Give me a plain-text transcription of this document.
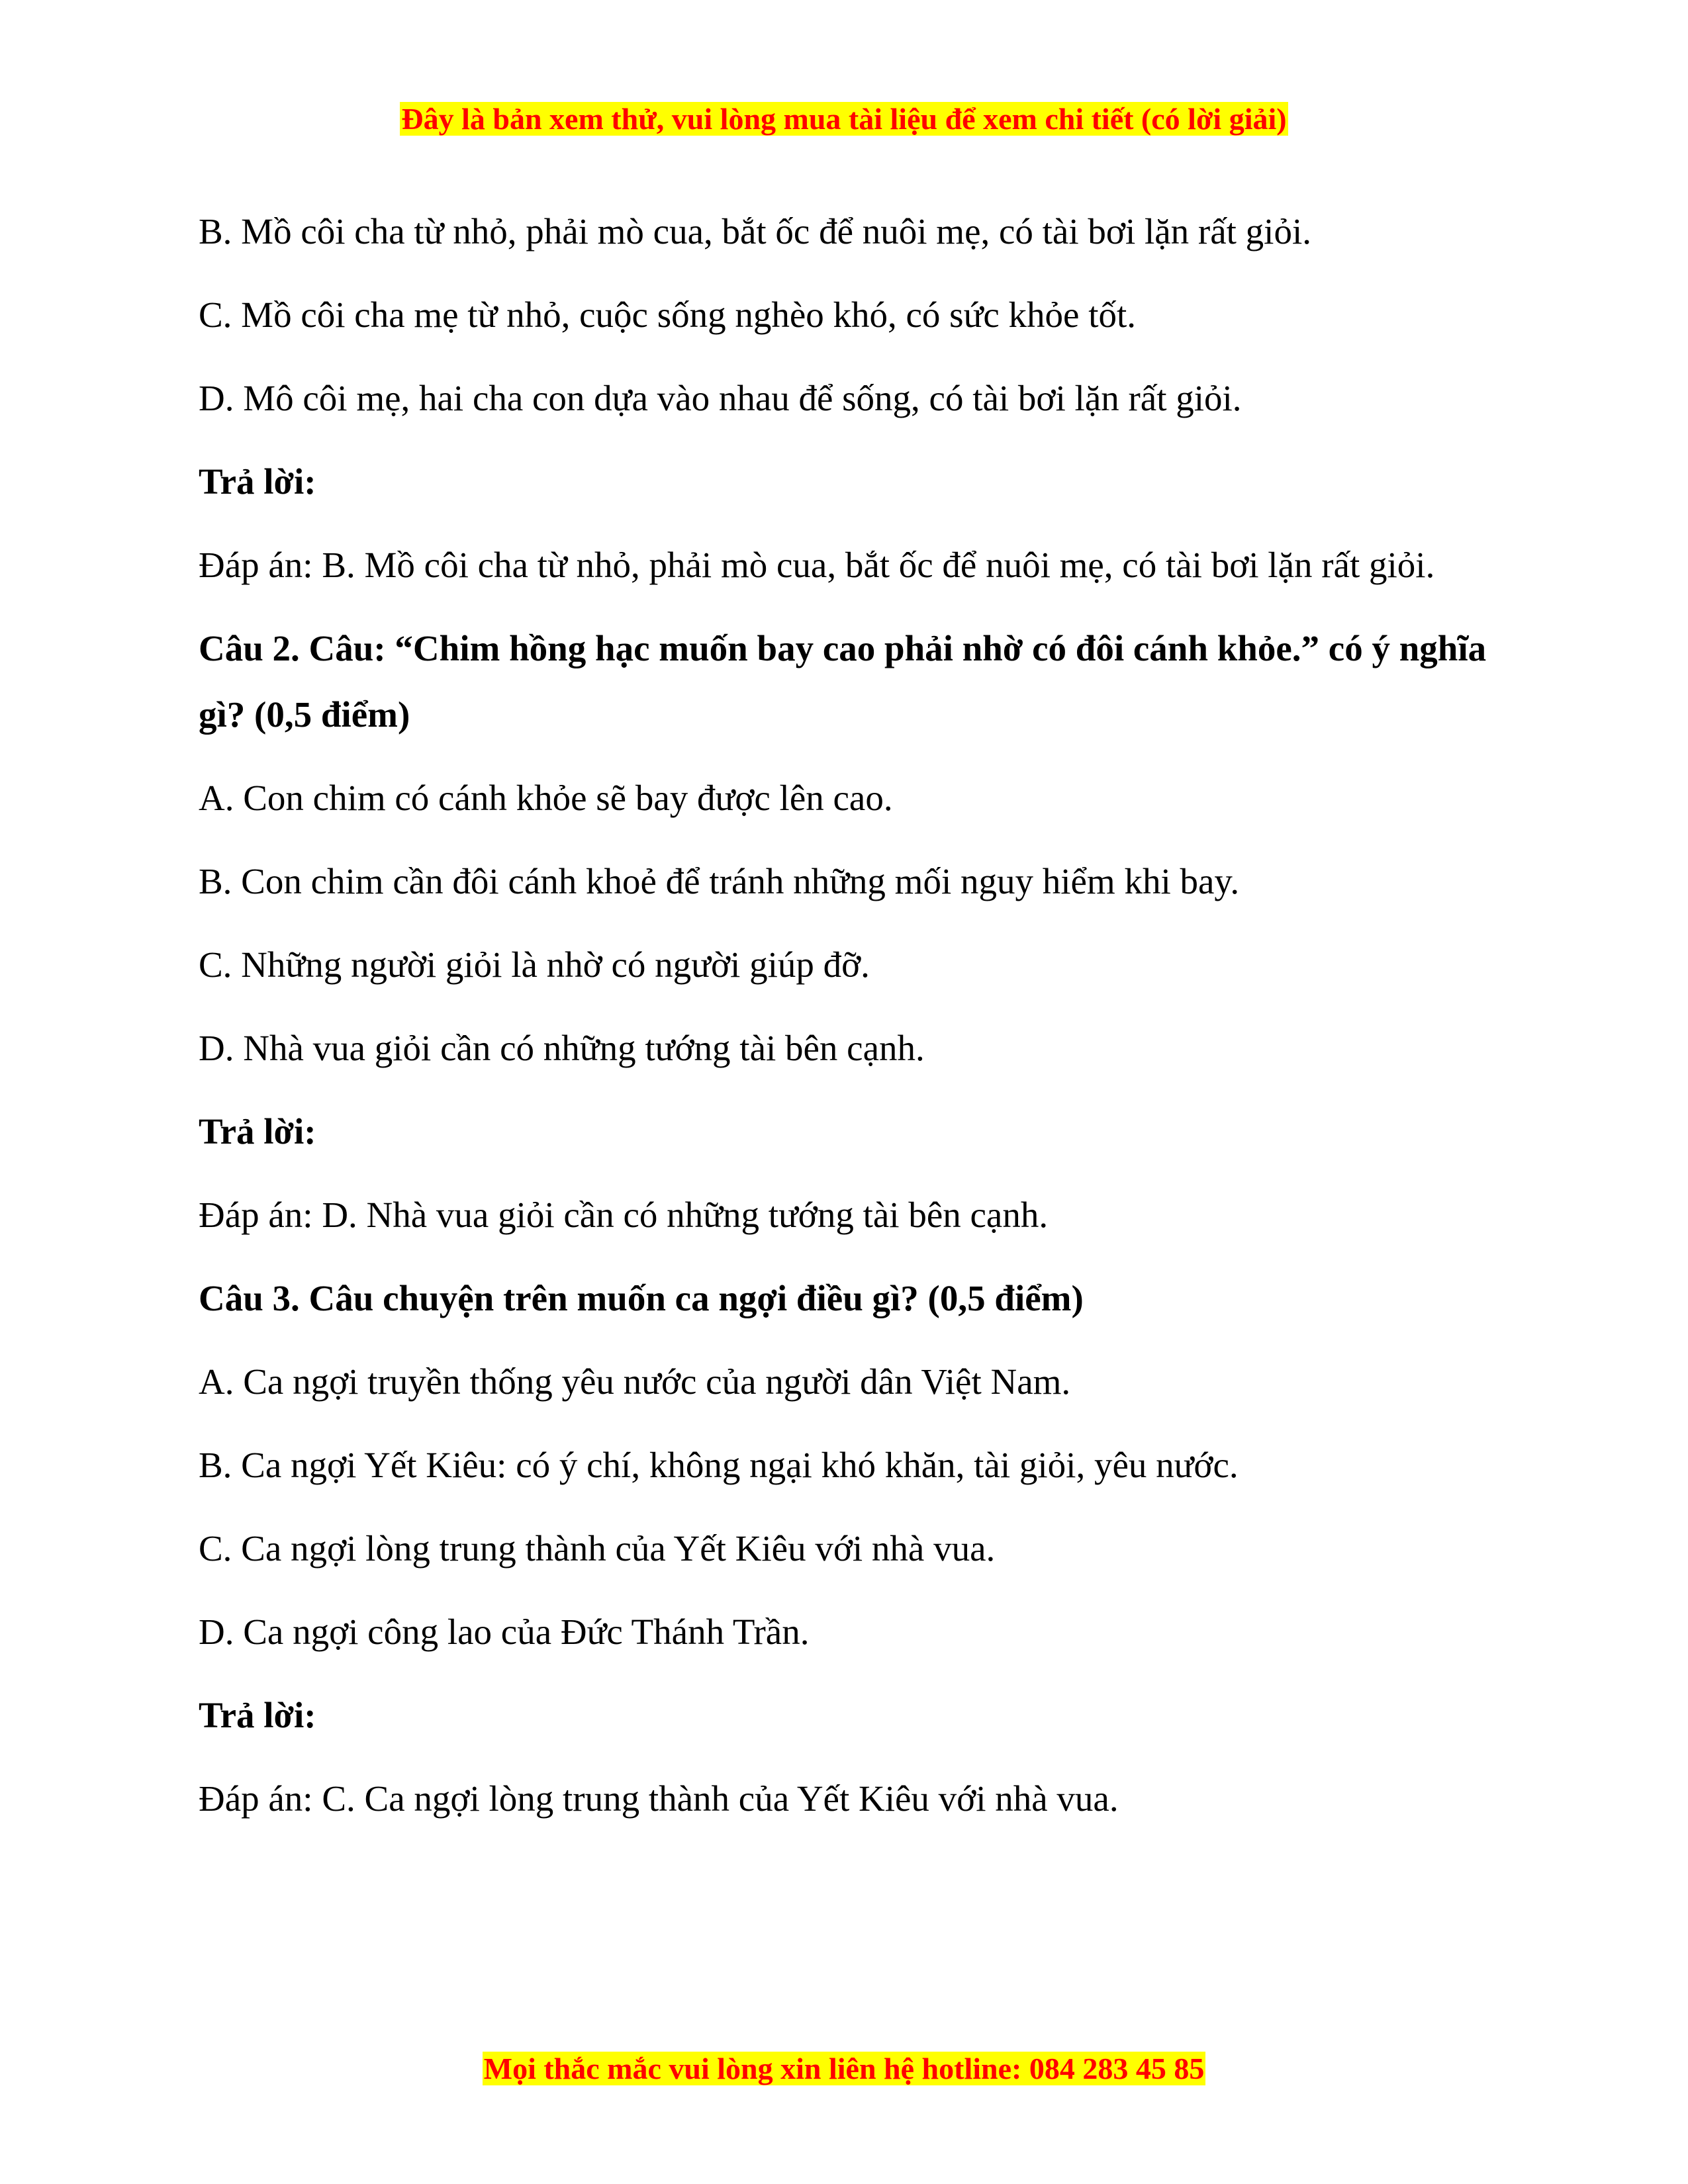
Đây là bản xem thử, vui lòng mua tài liệu để xem chi tiết (có lời giải)
B. Mồ côi cha từ nhỏ, phải mò cua, bắt ốc để nuôi mẹ, có tài bơi lặn rất giỏi.
C. Mồ côi cha mẹ từ nhỏ, cuộc sống nghèo khó, có sức khỏe tốt.
D. Mô côi mẹ, hai cha con dựa vào nhau để sống, có tài bơi lặn rất giỏi.
Trả lời:
Đáp án: B. Mồ côi cha từ nhỏ, phải mò cua, bắt ốc để nuôi mẹ, có tài bơi lặn rất giỏi.
Câu 2. Câu: “Chim hồng hạc muốn bay cao phải nhờ có đôi cánh khỏe.” có ý nghĩa gì? (0,5 điểm)
A. Con chim có cánh khỏe sẽ bay được lên cao.
B. Con chim cần đôi cánh khoẻ để tránh những mối nguy hiểm khi bay.
C. Những người giỏi là nhờ có người giúp đỡ.
D. Nhà vua giỏi cần có những tướng tài bên cạnh.
Trả lời:
Đáp án: D. Nhà vua giỏi cần có những tướng tài bên cạnh.
Câu 3. Câu chuyện trên muốn ca ngợi điều gì? (0,5 điểm)
A. Ca ngợi truyền thống yêu nước của người dân Việt Nam.
B. Ca ngợi Yết Kiêu: có ý chí, không ngại khó khăn, tài giỏi, yêu nước.
C. Ca ngợi lòng trung thành của Yết Kiêu với nhà vua.
D. Ca ngợi công lao của Đức Thánh Trần.
Trả lời:
Đáp án: C. Ca ngợi lòng trung thành của Yết Kiêu với nhà vua.
Mọi thắc mắc vui lòng xin liên hệ hotline: 084 283 45 85
